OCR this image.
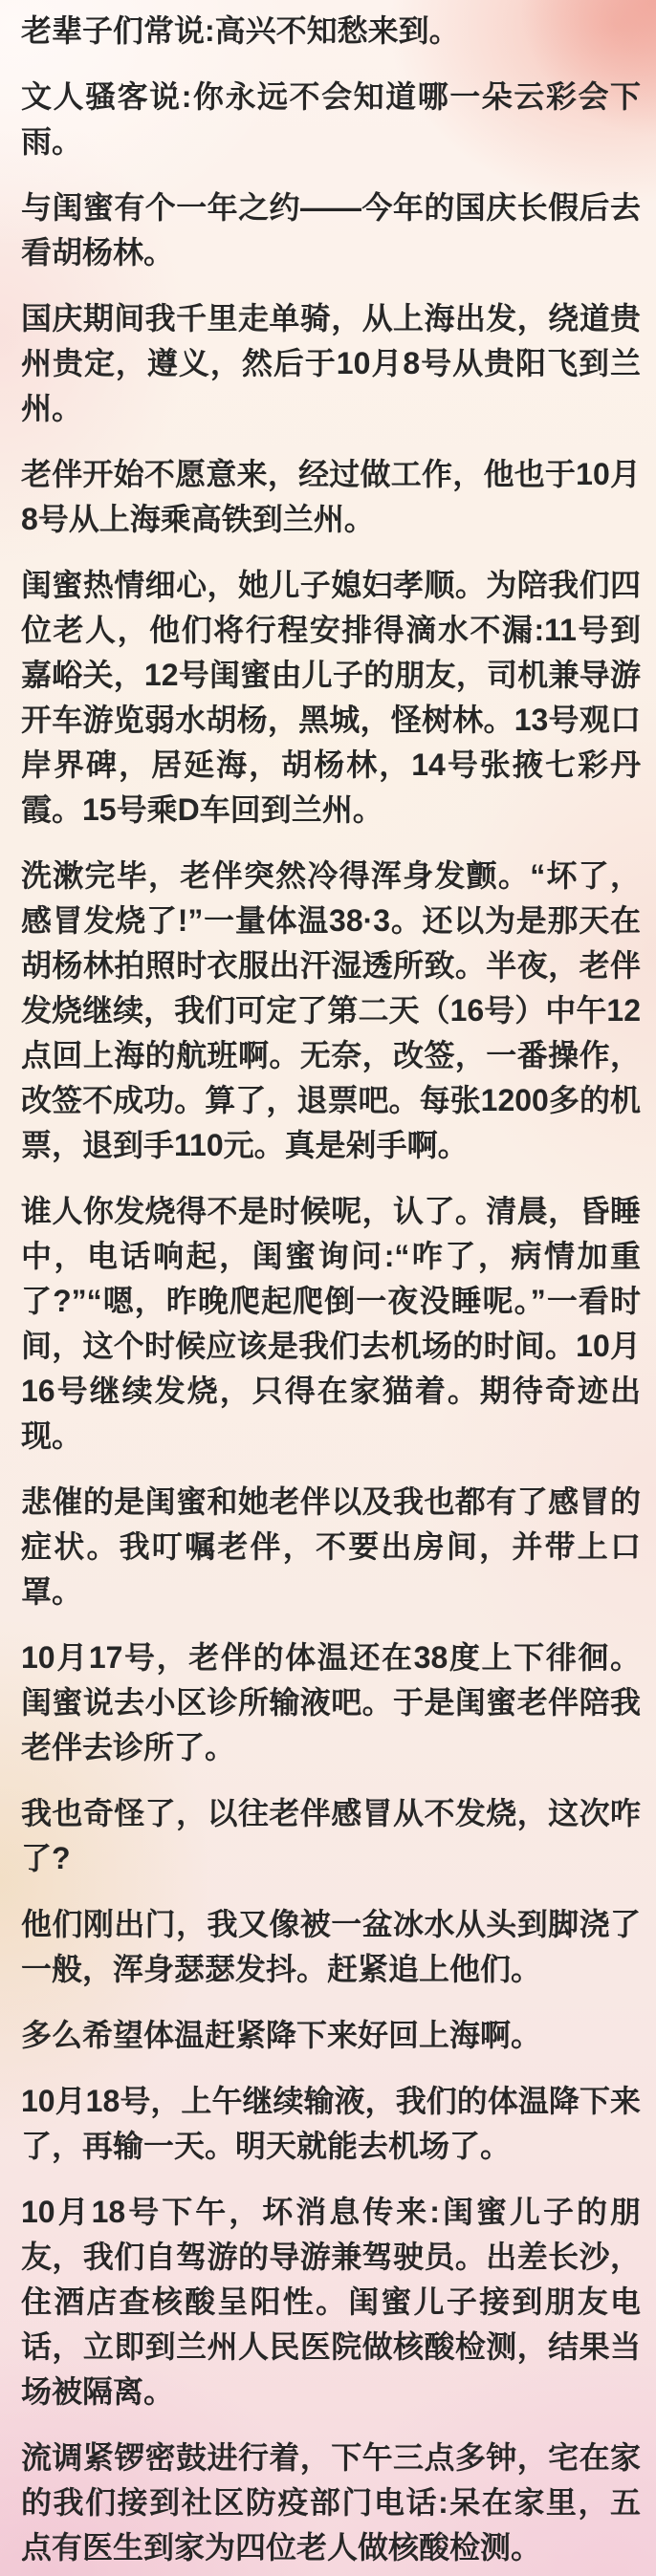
老辈子们常说:高兴不知愁来到。

文人骚客说:你永远不会知道哪一朵云彩会下雨。

与闺蜜有个一年之约——今年的国庆长假后去看胡杨林。

国庆期间我千里走单骑，从上海出发，绕道贵州贵定，遵义，然后于10月8号从贵阳飞到兰州。

老伴开始不愿意来，经过做工作，他也于10月8号从上海乘高铁到兰州。

闺蜜热情细心，她儿子媳妇孝顺。为陪我们四位老人，他们将行程安排得滴水不漏:11号到嘉峪关，12号闺蜜由儿子的朋友，司机兼导游开车游览弱水胡杨，黑城，怪树林。13号观口岸界碑，居延海，胡杨林，14号张掖七彩丹霞。15号乘D车回到兰州。

洗漱完毕，老伴突然冷得浑身发颤。“坏了，感冒发烧了!”一量体温38·3。还以为是那天在胡杨林拍照时衣服出汗湿透所致。半夜，老伴发烧继续，我们可定了第二天（16号）中午12点回上海的航班啊。无奈，改签，一番操作，改签不成功。算了，退票吧。每张1200多的机票，退到手110元。真是剁手啊。

谁人你发烧得不是时候呢，认了。清晨，昏睡中，电话响起，闺蜜询问:“咋了，病情加重了?”“嗯，昨晚爬起爬倒一夜没睡呢。”一看时间，这个时候应该是我们去机场的时间。10月16号继续发烧，只得在家猫着。期待奇迹出现。

悲催的是闺蜜和她老伴以及我也都有了感冒的症状。我叮嘱老伴，不要出房间，并带上口罩。

10月17号，老伴的体温还在38度上下徘徊。闺蜜说去小区诊所输液吧。于是闺蜜老伴陪我老伴去诊所了。

我也奇怪了，以往老伴感冒从不发烧，这次咋了?

他们刚出门，我又像被一盆冰水从头到脚浇了一般，浑身瑟瑟发抖。赶紧追上他们。

多么希望体温赶紧降下来好回上海啊。

10月18号，上午继续输液，我们的体温降下来了，再输一天。明天就能去机场了。

10月18号下午，坏消息传来:闺蜜儿子的朋友，我们自驾游的导游兼驾驶员。出差长沙，住酒店查核酸呈阳性。闺蜜儿子接到朋友电话，立即到兰州人民医院做核酸检测，结果当场被隔离。

流调紧锣密鼓进行着，下午三点多钟，宅在家的我们接到社区防疫部门电话:呆在家里，五点有医生到家为四位老人做核酸检测。
